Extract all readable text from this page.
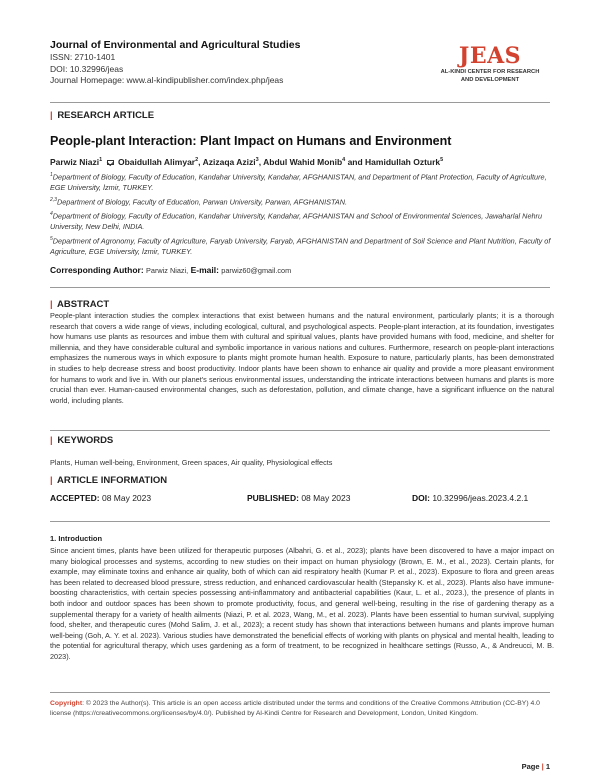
Journal of Environmental and Agricultural Studies
ISSN: 2710-1401
DOI: 10.32996/jeas
Journal Homepage: www.al-kindipublisher.com/index.php/jeas
JEAS
AL-KINDI CENTER FOR RESEARCH
AND DEVELOPMENT
| RESEARCH ARTICLE
People-plant Interaction: Plant Impact on Humans and Environment
Parwiz Niazi$^1$ Obaidullah Alimyar$^2$, Azizaqa Azizi$^3$, Abdul Wahid Monib$^4$ and Hamidullah Ozturk$^5$
$^1$Department of Biology, Faculty of Education, Kandahar University, Kandahar, AFGHANISTAN, and Department of Plant Protection, Faculty of Agriculture, EGE University, İzmir, TURKEY.
$^{2,3}$Department of Biology, Faculty of Education, Parwan University, Parwan, AFGHANISTAN.
$^4$Department of Biology, Faculty of Education, Kandahar University, Kandahar, AFGHANISTAN and School of Environmental Sciences, Jawaharlal Nehru University, New Delhi, INDIA.
$^5$Department of Agronomy, Faculty of Agriculture, Faryab University, Faryab, AFGHANISTAN and Department of Soil Science and Plant Nutrition, Faculty of Agriculture, EGE University, İzmir, TURKEY.
Corresponding Author: Parwiz Niazi, E-mail: parwiz60@gmail.com
| ABSTRACT
People-plant interaction studies the complex interactions that exist between humans and the natural environment, particularly plants; it is a thorough research that covers a wide range of views, including ecological, cultural, and psychological aspects. People-plant interaction, at its foundation, investigates how humans use plants as resources and imbue them with cultural and spiritual values, plants have provided humans with food, medicine, and shelter for millennia, and they have considerable cultural and symbolic importance in various nations and cultures. Furthermore, research on people-plant interactions emphasizes the numerous ways in which exposure to plants might promote human health. Exposure to nature, particularly plants, has been demonstrated in studies to help decrease stress and boost productivity. Indoor plants have been shown to enhance air quality and provide a more pleasant environment for humans to work and live in. With our planet's serious environmental issues, understanding the intricate interactions between humans and plants is more crucial than ever. Human-caused environmental changes, such as deforestation, pollution, and climate change, have a significant influence on the natural world, including plants.
| KEYWORDS
Plants, Human well-being, Environment, Green spaces, Air quality, Physiological effects
| ARTICLE INFORMATION
ACCEPTED: 08 May 2023	PUBLISHED: 08 May 2023	DOI: 10.32996/jeas.2023.4.2.1
1. Introduction
Since ancient times, plants have been utilized for therapeutic purposes (Albahri, G. et al., 2023); plants have been discovered to have a major impact on many biological processes and systems, according to new studies on their impact on human physiology (Brown, E. M., et al., 2023). Certain plants, for example, may eliminate toxins and enhance air quality, both of which can aid respiratory health (Kumar P. et al., 2023). Exposure to flora and green areas has been related to decreased blood pressure, stress reduction, and enhanced cardiovascular health (Stepansky K. et al., 2023). Plants also have immune-boosting characteristics, with certain species possessing anti-inflammatory and antibacterial capabilities (Kaur, L. et al., 2023.), the presence of plants in both indoor and outdoor spaces has been shown to promote productivity, focus, and general well-being, resulting in the rise of gardening therapy as a supplemental therapy for a variety of health ailments (Niazi, P. et al. 2023, Wang, M., et al. 2023). Plants have been essential to human survival, supplying food, shelter, and therapeutic cures (Mohd Salim, J. et al., 2023); a recent study has shown that interactions between humans and plants improve human well-being (Goh, A. Y. et al. 2023). Various studies have demonstrated the beneficial effects of working with plants on physical and mental health, leading to the potential for agricultural therapy, which uses gardening as a form of treatment, to be recognized in healthcare settings (Russo, A., & Andreucci, M. B. 2023).
Copyright: © 2023 the Author(s). This article is an open access article distributed under the terms and conditions of the Creative Commons Attribution (CC-BY) 4.0 license (https://creativecommons.org/licenses/by/4.0/). Published by Al-Kindi Centre for Research and Development, London, United Kingdom.
Page | 1
